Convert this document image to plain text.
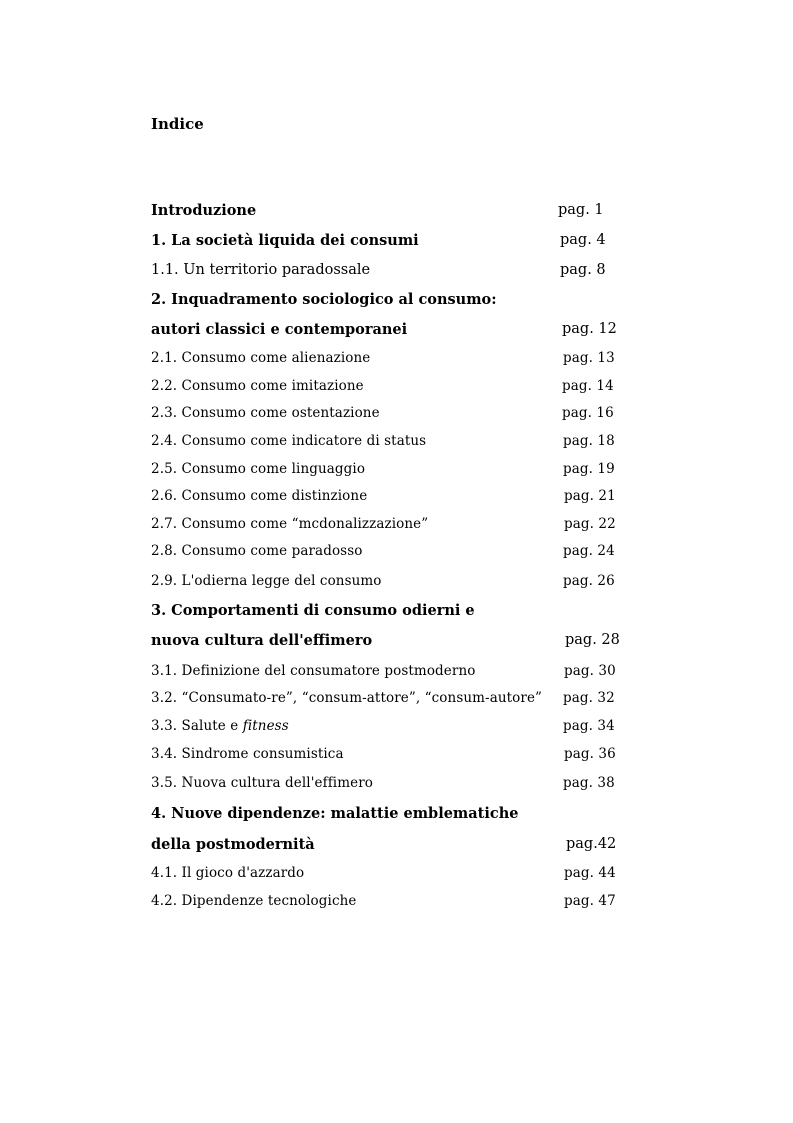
Indice
Introduzione	pag. 1
1. La società liquida dei consumi	pag. 4
1.1. Un territorio paradossale	pag. 8
2. Inquadramento sociologico al consumo:
autori classici e contemporanei	pag. 12
2.1. Consumo come alienazione	pag. 13
2.2. Consumo come imitazione	pag. 14
2.3. Consumo come ostentazione	pag. 16
2.4. Consumo come indicatore di status	pag. 18
2.5. Consumo come linguaggio	pag. 19
2.6. Consumo come distinzione	pag. 21
2.7. Consumo come “mcdonalizzazione”	pag. 22
2.8. Consumo come paradosso	pag. 24
2.9. L'odierna legge del consumo	pag. 26
3. Comportamenti di consumo odierni e
nuova cultura dell'effimero	pag. 28
3.1. Definizione del consumatore postmoderno	pag. 30
3.2. “Consumato-re”, “consum-attore”, “consum-autore”	pag. 32
3.3. Salute e fitness	pag. 34
3.4. Sindrome consumistica	pag. 36
3.5. Nuova cultura dell'effimero	pag. 38
4. Nuove dipendenze: malattie emblematiche
della postmodernità	pag.42
4.1. Il gioco d'azzardo	pag. 44
4.2. Dipendenze tecnologiche	pag. 47
